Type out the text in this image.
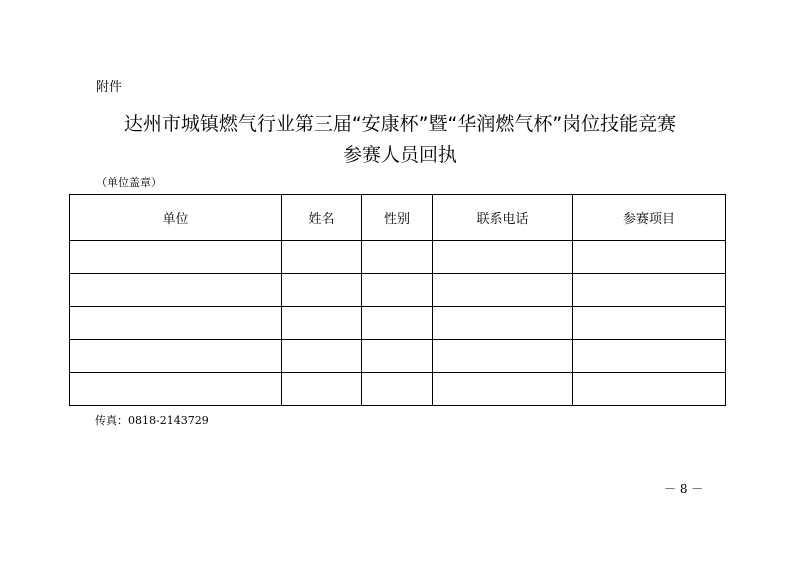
附件
达州市城镇燃气行业第三届“安康杯”暨“华润燃气杯”岗位技能竞赛
参赛人员回执
（单位盖章）
单位	姓名	性别	联系电话	参赛项目

传真：0818-2143729
－ 8 －
